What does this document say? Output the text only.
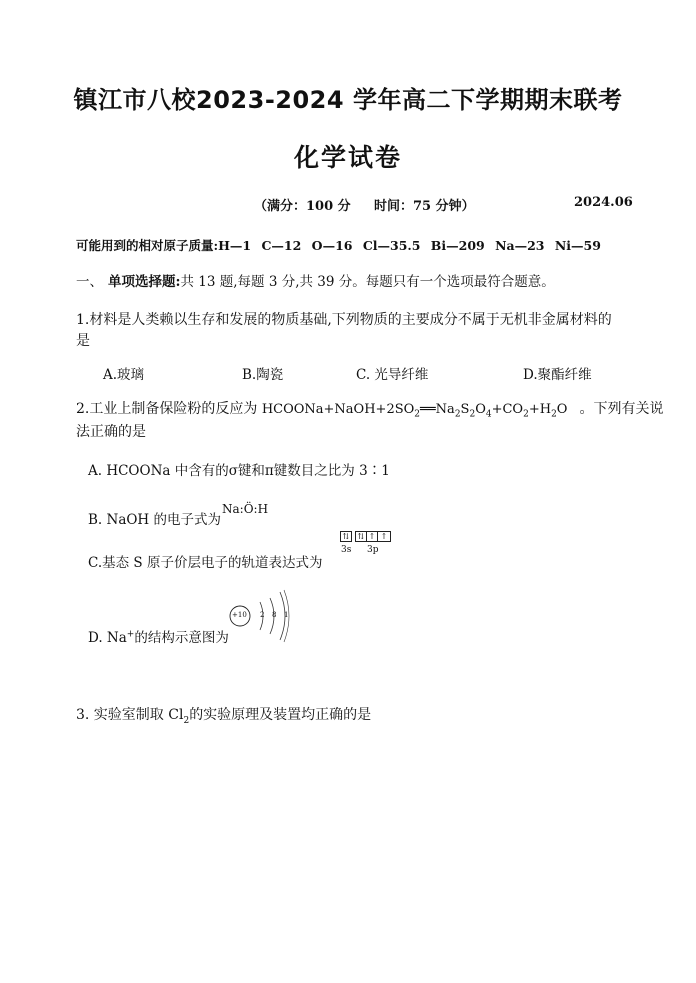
镇江市八校2023-2024 学年高二下学期期末联考
化学试卷
（满分：100 分 时间：75 分钟）	2024.06
可能用到的相对原子质量:H—1 C—12 O—16 Cl—35.5 Bi—209 Na—23 Ni—59
一、 单项选择题:共 13 题,每题 3 分,共 39 分。每题只有一个选项最符合题意。
1.材料是人类赖以生存和发展的物质基础,下列物质的主要成分不属于无机非金属材料的
是
A.玻璃	B.陶瓷	C. 光导纤维	D.聚酯纤维
2.工业上制备保险粉的反应为 $HCOONa+NaOH+2SO_2══Na_2S_2O_4+CO_2+H_2O$ 。下列有关说
法正确的是
A. HCOONa 中含有的σ键和π键数目之比为 3∶1
B. NaOH 的电子式为
Na:Ö:H
C.基态 S 原子价层电子的轨道表达式为
⇅	⇅ ↑ ↑
3s 3p
D. Na+的结构示意图为
+10 2 8 1
3. 实验室制取 $Cl_2$的实验原理及装置均正确的是
